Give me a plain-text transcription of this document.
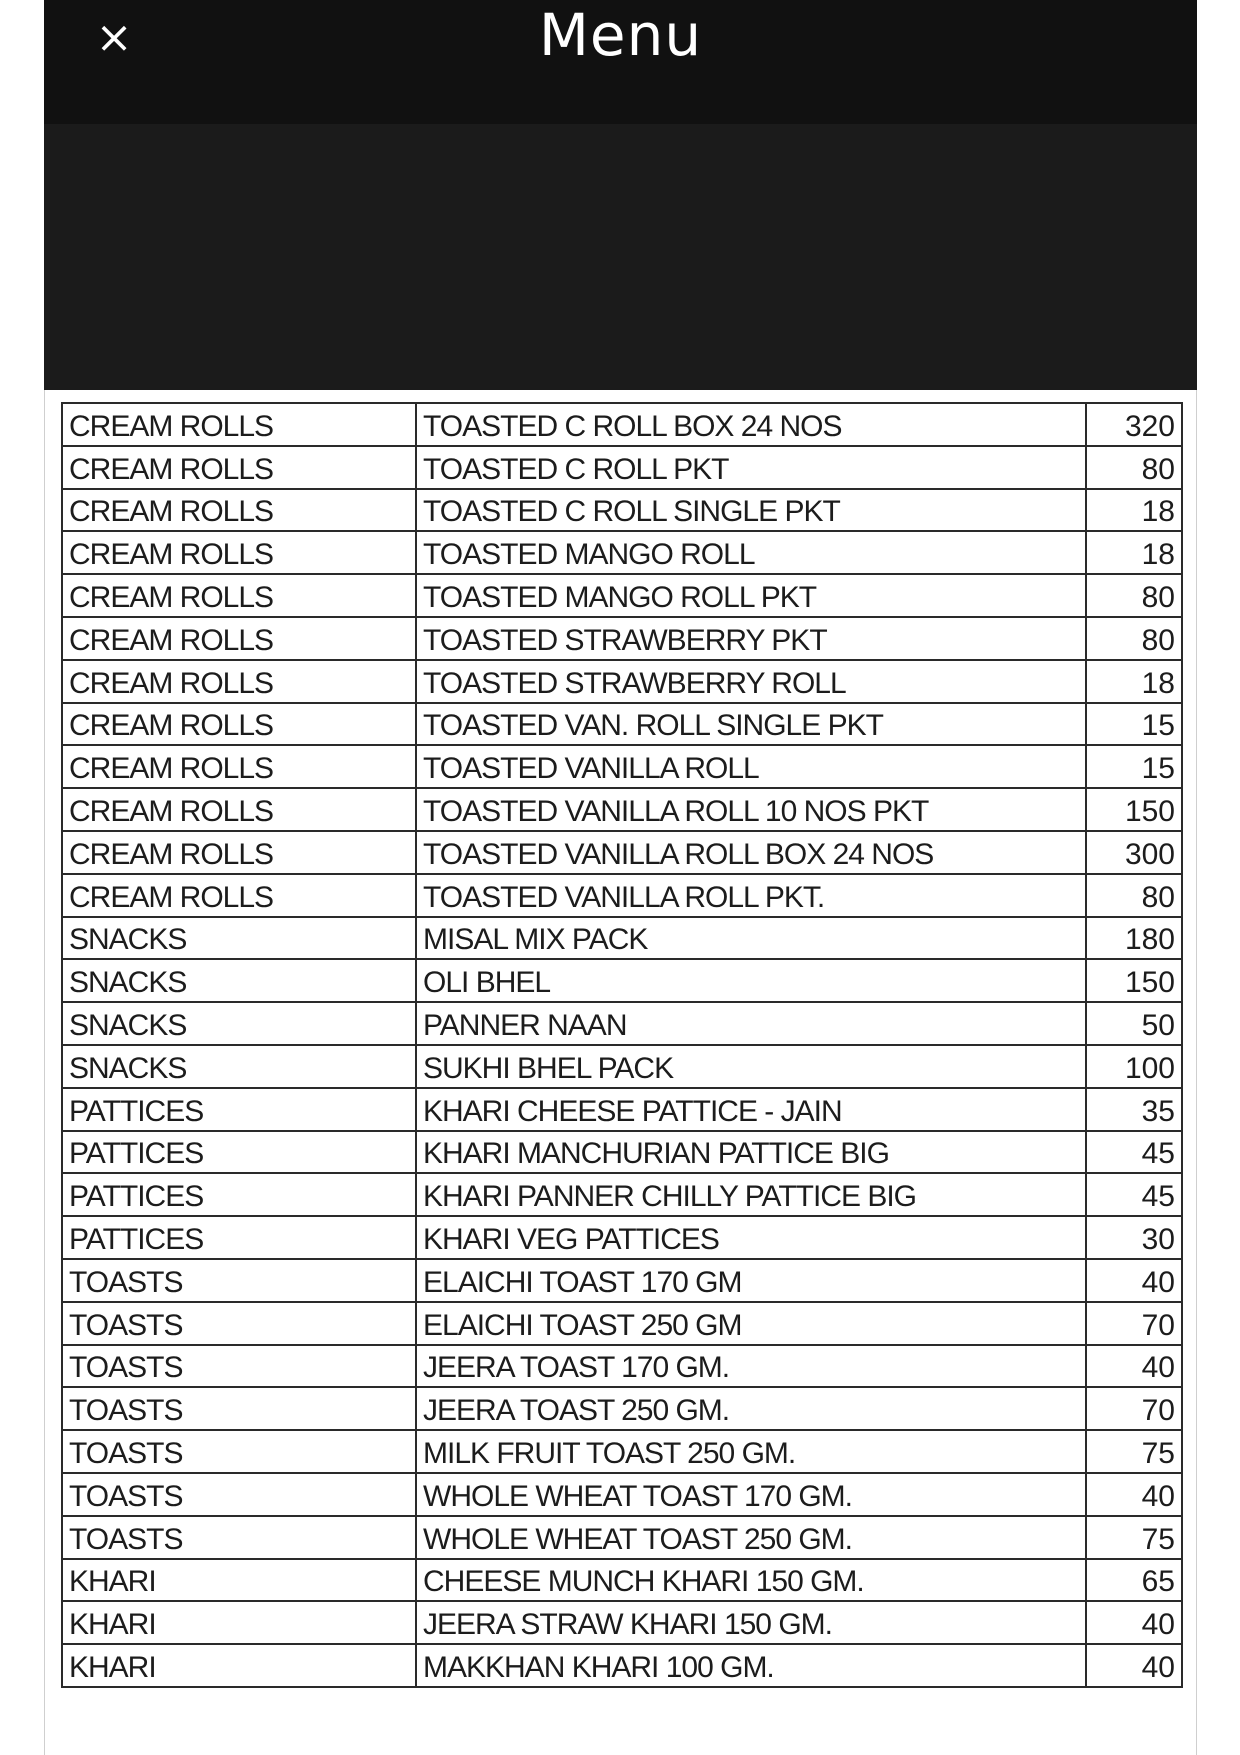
×	Menu
CREAM ROLLS	TOASTED C ROLL BOX 24 NOS	320
CREAM ROLLS	TOASTED C ROLL PKT	80
CREAM ROLLS	TOASTED C ROLL SINGLE PKT	18
CREAM ROLLS	TOASTED MANGO ROLL	18
CREAM ROLLS	TOASTED MANGO ROLL PKT	80
CREAM ROLLS	TOASTED STRAWBERRY PKT	80
CREAM ROLLS	TOASTED STRAWBERRY ROLL	18
CREAM ROLLS	TOASTED VAN. ROLL SINGLE PKT	15
CREAM ROLLS	TOASTED VANILLA ROLL	15
CREAM ROLLS	TOASTED VANILLA ROLL 10 NOS PKT	150
CREAM ROLLS	TOASTED VANILLA ROLL BOX 24 NOS	300
CREAM ROLLS	TOASTED VANILLA ROLL PKT.	80
SNACKS	MISAL MIX PACK	180
SNACKS	OLI BHEL	150
SNACKS	PANNER NAAN	50
SNACKS	SUKHI BHEL PACK	100
PATTICES	KHARI CHEESE PATTICE - JAIN	35
PATTICES	KHARI MANCHURIAN PATTICE BIG	45
PATTICES	KHARI PANNER CHILLY PATTICE BIG	45
PATTICES	KHARI VEG PATTICES	30
TOASTS	ELAICHI TOAST 170 GM	40
TOASTS	ELAICHI TOAST 250 GM	70
TOASTS	JEERA TOAST 170 GM.	40
TOASTS	JEERA TOAST 250 GM.	70
TOASTS	MILK FRUIT TOAST 250 GM.	75
TOASTS	WHOLE WHEAT TOAST 170 GM.	40
TOASTS	WHOLE WHEAT TOAST 250 GM.	75
KHARI	CHEESE MUNCH KHARI 150 GM.	65
KHARI	JEERA STRAW KHARI 150 GM.	40
KHARI	MAKKHAN KHARI 100 GM.	40
